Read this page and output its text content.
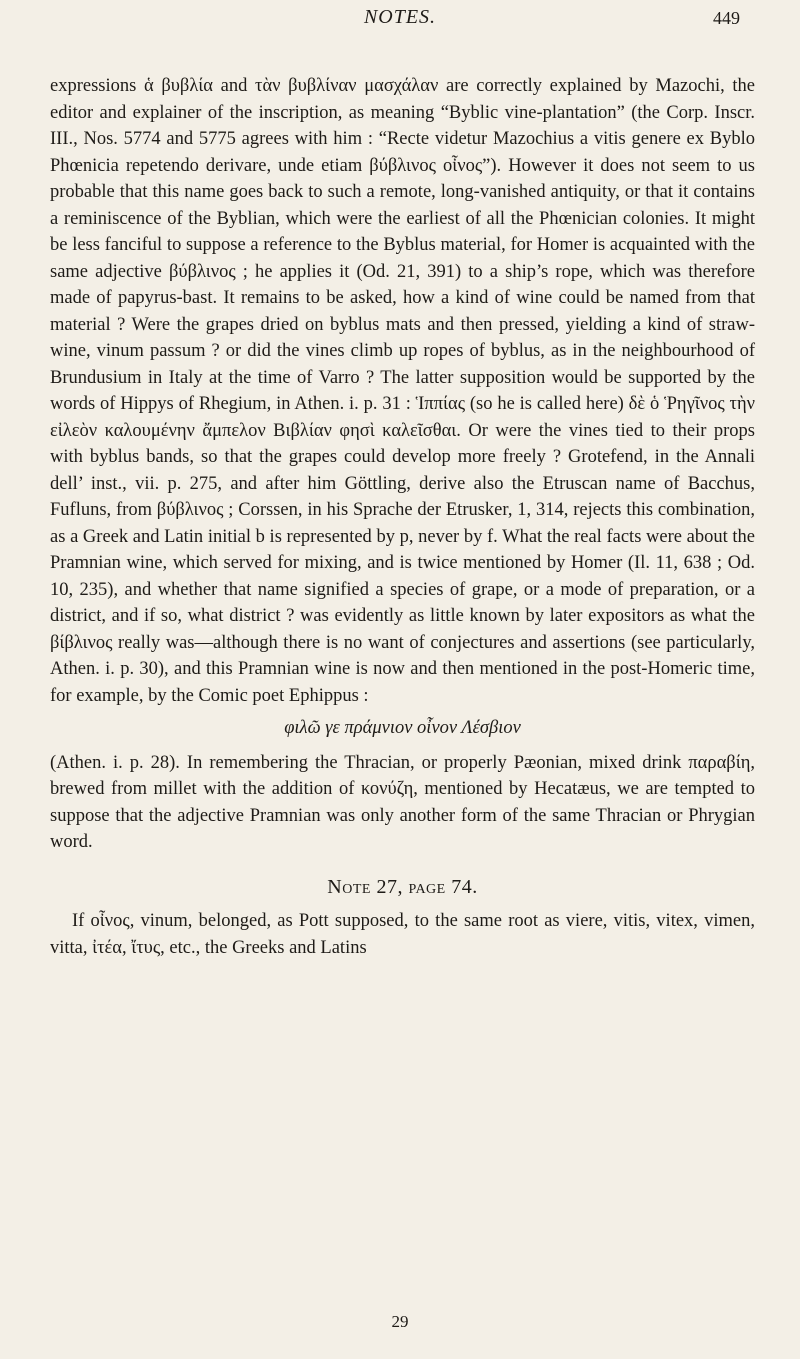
NOTES.	449

expressions ἁ βυβλία and τὰν βυβλίναν μασχάλαν are correctly explained by Mazochi, the editor and explainer of the inscription, as meaning “Byblic vine-plantation” (the Corp. Inscr. III., Nos. 5774 and 5775 agrees with him : “Recte videtur Mazochius a vitis genere ex Byblo Phœnicia repetendo derivare, unde etiam βύβλινος οἶνος”). However it does not seem to us probable that this name goes back to such a remote, long-vanished antiquity, or that it contains a reminiscence of the Byblian, which were the earliest of all the Phœnician colonies. It might be less fanciful to suppose a reference to the Byblus material, for Homer is acquainted with the same adjective βύβλινος ; he applies it (Od. 21, 391) to a ship’s rope, which was therefore made of papyrus-bast. It remains to be asked, how a kind of wine could be named from that material ? Were the grapes dried on byblus mats and then pressed, yielding a kind of straw-wine, vinum passum ? or did the vines climb up ropes of byblus, as in the neighbourhood of Brundusium in Italy at the time of Varro ? The latter supposition would be supported by the words of Hippys of Rhegium, in Athen. i. p. 31 : Ἱππίας (so he is called here) δὲ ὁ Ῥηγῖνος τὴν εἰλεὸν καλουμένην ἄμπελον Βιβλίαν φησὶ καλεῖσθαι. Or were the vines tied to their props with byblus bands, so that the grapes could develop more freely ? Grotefend, in the Annali dell’ inst., vii. p. 275, and after him Göttling, derive also the Etruscan name of Bacchus, Fufluns, from βύβλινος ; Corssen, in his Sprache der Etrusker, 1, 314, rejects this combination, as a Greek and Latin initial b is represented by p, never by f. What the real facts were about the Pramnian wine, which served for mixing, and is twice mentioned by Homer (Il. 11, 638 ; Od. 10, 235), and whether that name signified a species of grape, or a mode of preparation, or a district, and if so, what district ? was evidently as little known by later expositors as what the βίβλινος really was—although there is no want of conjectures and assertions (see particularly, Athen. i. p. 30), and this Pramnian wine is now and then mentioned in the post-Homeric time, for example, by the Comic poet Ephippus :

φιλῶ γε πράμνιον οἶνον Λέσβιον

(Athen. i. p. 28). In remembering the Thracian, or properly Pæonian, mixed drink παραβίη, brewed from millet with the addition of κονύζη, mentioned by Hecatæus, we are tempted to suppose that the adjective Pramnian was only another form of the same Thracian or Phrygian word.

Note 27, page 74.

If οἶνος, vinum, belonged, as Pott supposed, to the same root as viere, vitis, vitex, vimen, vitta, ἰτέα, ἴτυς, etc., the Greeks and Latins

29
